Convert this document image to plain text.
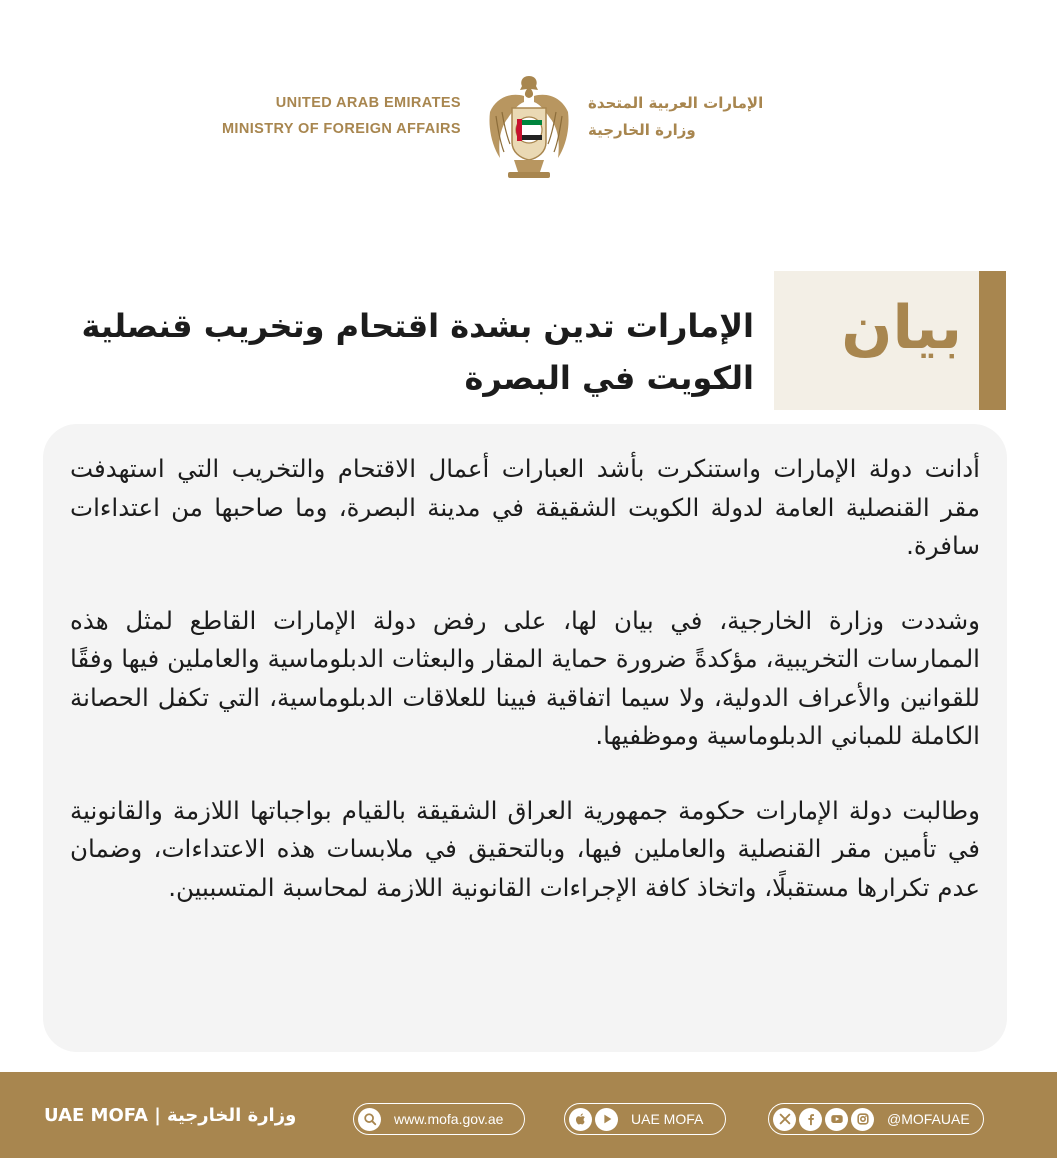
UNITED ARAB EMIRATES
MINISTRY OF FOREIGN AFFAIRS
الإمارات العربية المتحدة
وزارة الخارجية
بيان
الإمارات تدين بشدة اقتحام وتخريب قنصلية
الكويت في البصرة

أدانت دولة الإمارات واستنكرت بأشد العبارات أعمال الاقتحام والتخريب التي استهدفت مقر القنصلية العامة لدولة الكويت الشقيقة في مدينة البصرة، وما صاحبها من اعتداءات سافرة.

وشددت وزارة الخارجية، في بيان لها، على رفض دولة الإمارات القاطع لمثل هذه الممارسات التخريبية، مؤكدةً ضرورة حماية المقار والبعثات الدبلوماسية والعاملين فيها وفقًا للقوانين والأعراف الدولية، ولا سيما اتفاقية فيينا للعلاقات الدبلوماسية، التي تكفل الحصانة الكاملة للمباني الدبلوماسية وموظفيها.

وطالبت دولة الإمارات حكومة جمهورية العراق الشقيقة بالقيام بواجباتها اللازمة والقانونية في تأمين مقر القنصلية والعاملين فيها، وبالتحقيق في ملابسات هذه الاعتداءات، وضمان عدم تكرارها مستقبلًا، واتخاذ كافة الإجراءات القانونية اللازمة لمحاسبة المتسببين.

UAE MOFA | وزارة الخارجية	www.mofa.gov.ae	UAE MOFA	@MOFAUAE
